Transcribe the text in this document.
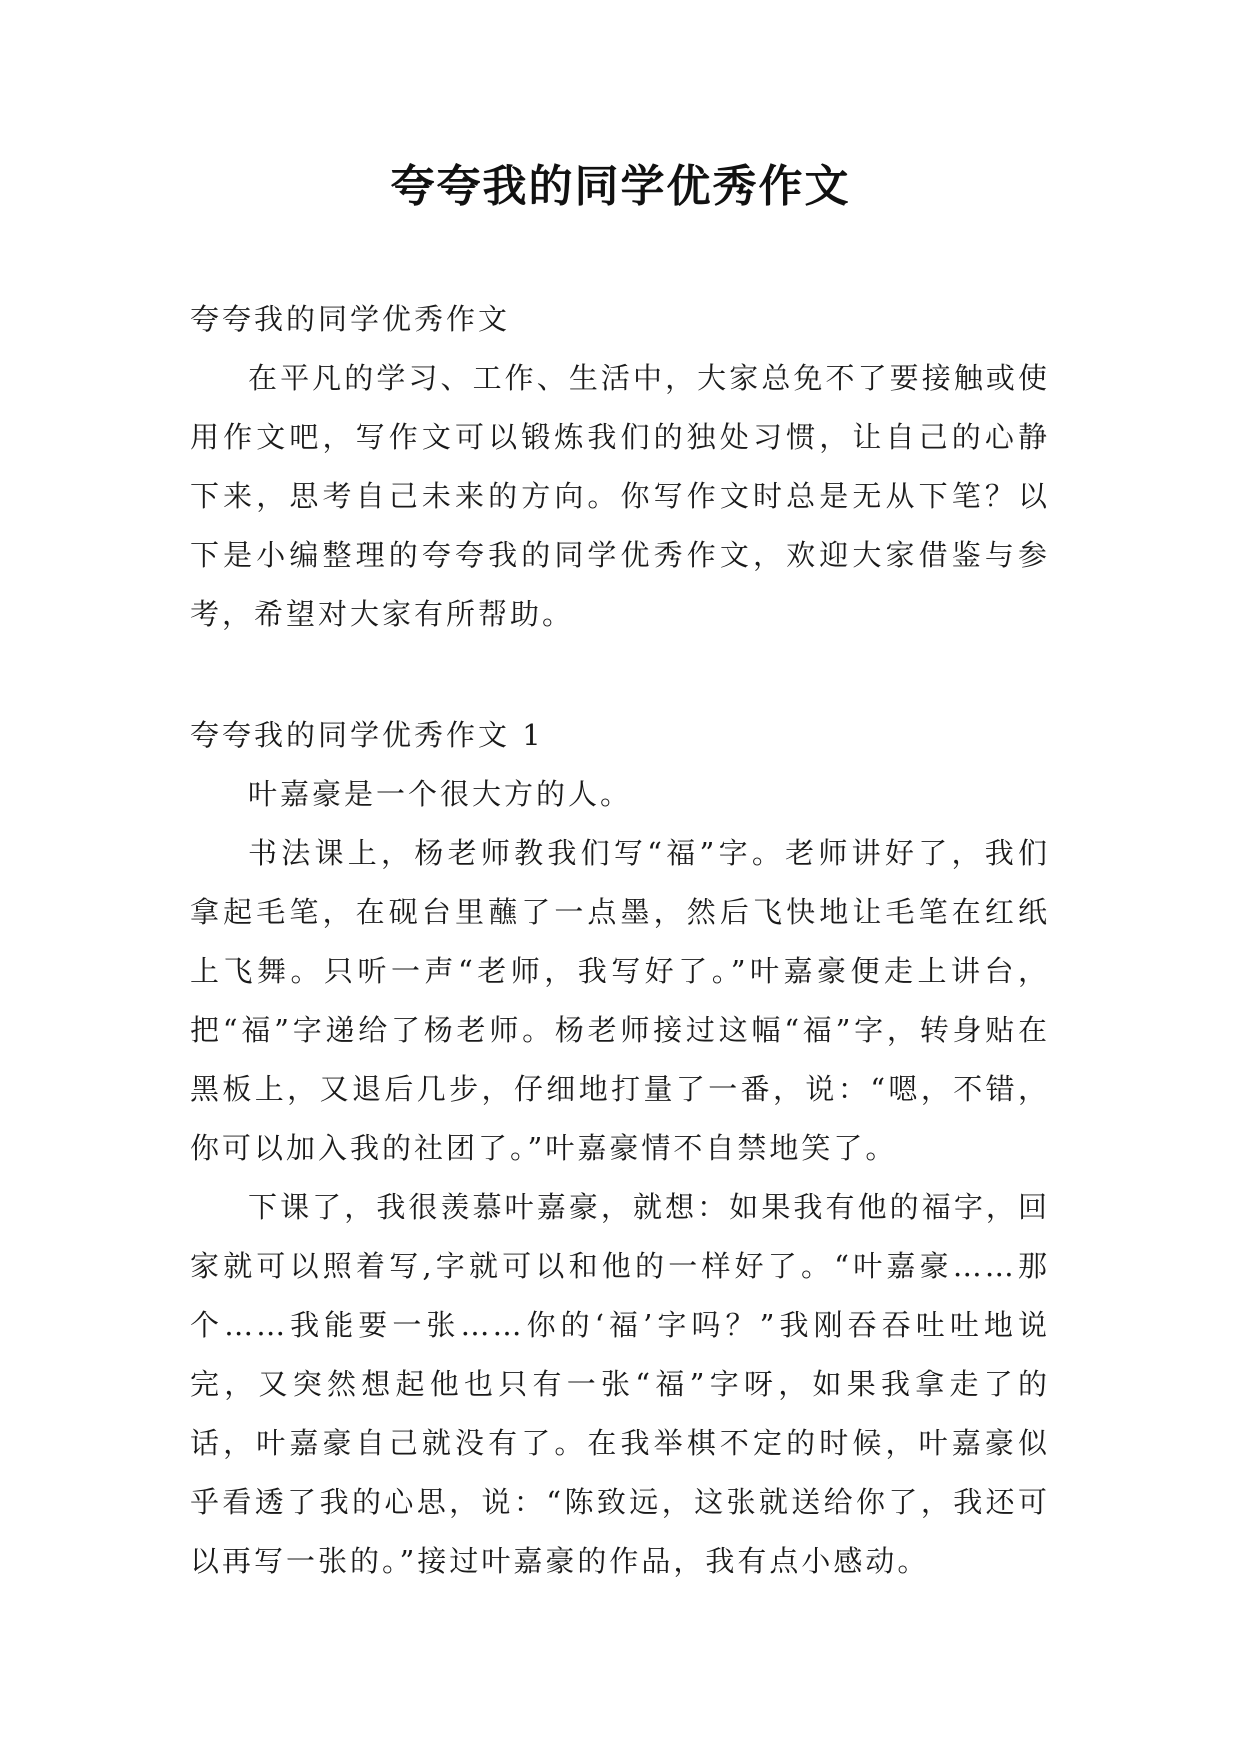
夸夸我的同学优秀作文

夸夸我的同学优秀作文

在平凡的学习、工作、生活中，大家总免不了要接触或使用作文吧，写作文可以锻炼我们的独处习惯，让自己的心静下来，思考自己未来的方向。你写作文时总是无从下笔？以下是小编整理的夸夸我的同学优秀作文，欢迎大家借鉴与参考，希望对大家有所帮助。

夸夸我的同学优秀作文 1

叶嘉豪是一个很大方的人。

书法课上，杨老师教我们写“福”字。老师讲好了，我们拿起毛笔，在砚台里蘸了一点墨，然后飞快地让毛笔在红纸上飞舞。只听一声“老师，我写好了。”叶嘉豪便走上讲台，把“福”字递给了杨老师。杨老师接过这幅“福”字，转身贴在黑板上，又退后几步，仔细地打量了一番，说：“嗯，不错，你可以加入我的社团了。”叶嘉豪情不自禁地笑了。

下课了，我很羡慕叶嘉豪，就想：如果我有他的福字，回家就可以照着写,字就可以和他的一样好了。“叶嘉豪……那个……我能要一张……你的‘福’字吗？”我刚吞吞吐吐地说完，又突然想起他也只有一张“福”字呀，如果我拿走了的话，叶嘉豪自己就没有了。在我举棋不定的时候，叶嘉豪似乎看透了我的心思，说：“陈致远，这张就送给你了，我还可以再写一张的。”接过叶嘉豪的作品，我有点小感动。
